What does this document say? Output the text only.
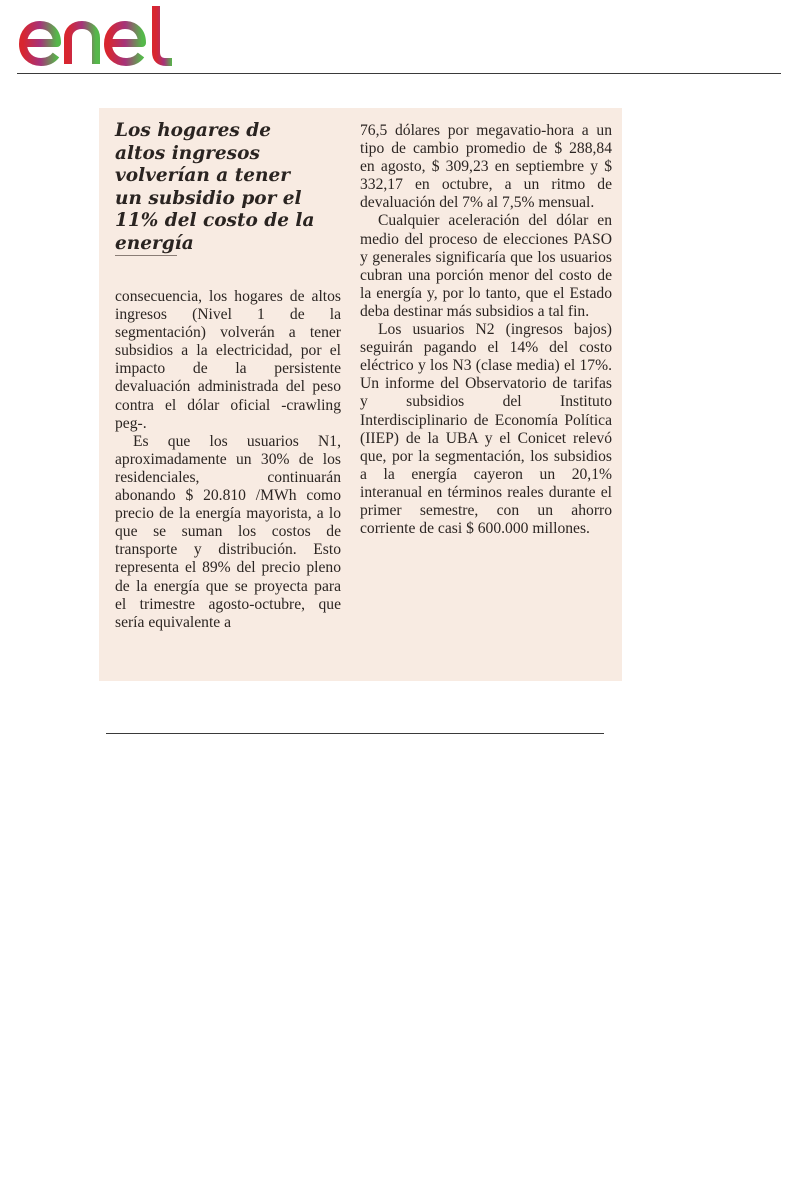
Los hogares de altos ingresos volverían a tener un subsidio por el 11% del costo de la energía

consecuencia, los hogares de altos ingresos (Nivel 1 de la segmentación) volverán a tener subsidios a la electricidad, por el impacto de la persistente devaluación administrada del peso contra el dólar oficial -crawling peg-.

Es que los usuarios N1, aproximadamente un 30% de los residenciales, continuarán abonando $ 20.810 /MWh como precio de la energía mayorista, a lo que se suman los costos de transporte y distribución. Esto representa el 89% del precio pleno de la energía que se proyecta para el trimestre agosto-octubre, que sería equivalente a

76,5 dólares por megavatio-hora a un tipo de cambio promedio de $ 288,84 en agosto, $ 309,23 en septiembre y $ 332,17 en octubre, a un ritmo de devaluación del 7% al 7,5% mensual.

Cualquier aceleración del dólar en medio del proceso de elecciones PASO y generales significaría que los usuarios cubran una porción menor del costo de la energía y, por lo tanto, que el Estado deba destinar más subsidios a tal fin.

Los usuarios N2 (ingresos bajos) seguirán pagando el 14% del costo eléctrico y los N3 (clase media) el 17%. Un informe del Observatorio de tarifas y subsidios del Instituto Interdisciplinario de Economía Política (IIEP) de la UBA y el Conicet relevó que, por la segmentación, los subsidios a la energía cayeron un 20,1% interanual en términos reales durante el primer semestre, con un ahorro corriente de casi $ 600.000 millones.
